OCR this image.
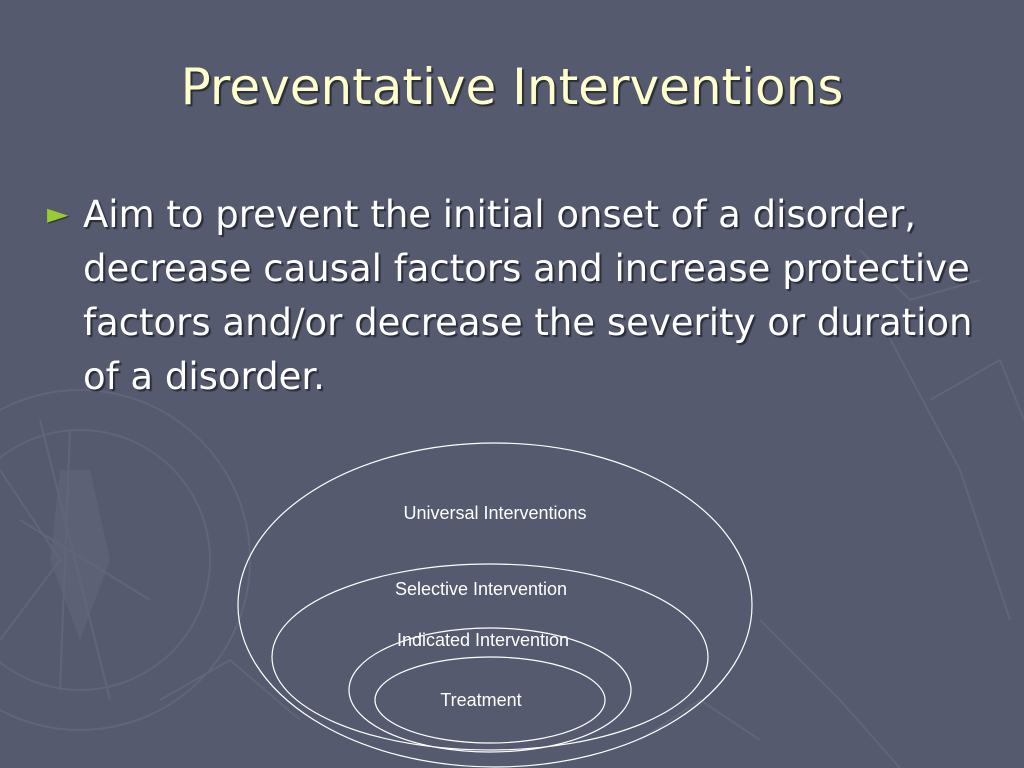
Preventative Interventions
► Aim to prevent the initial onset of a disorder, decrease causal factors and increase protective factors and/or decrease the severity or duration of a disorder.
Universal Interventions
Selective Intervention
Indicated Intervention
Treatment
